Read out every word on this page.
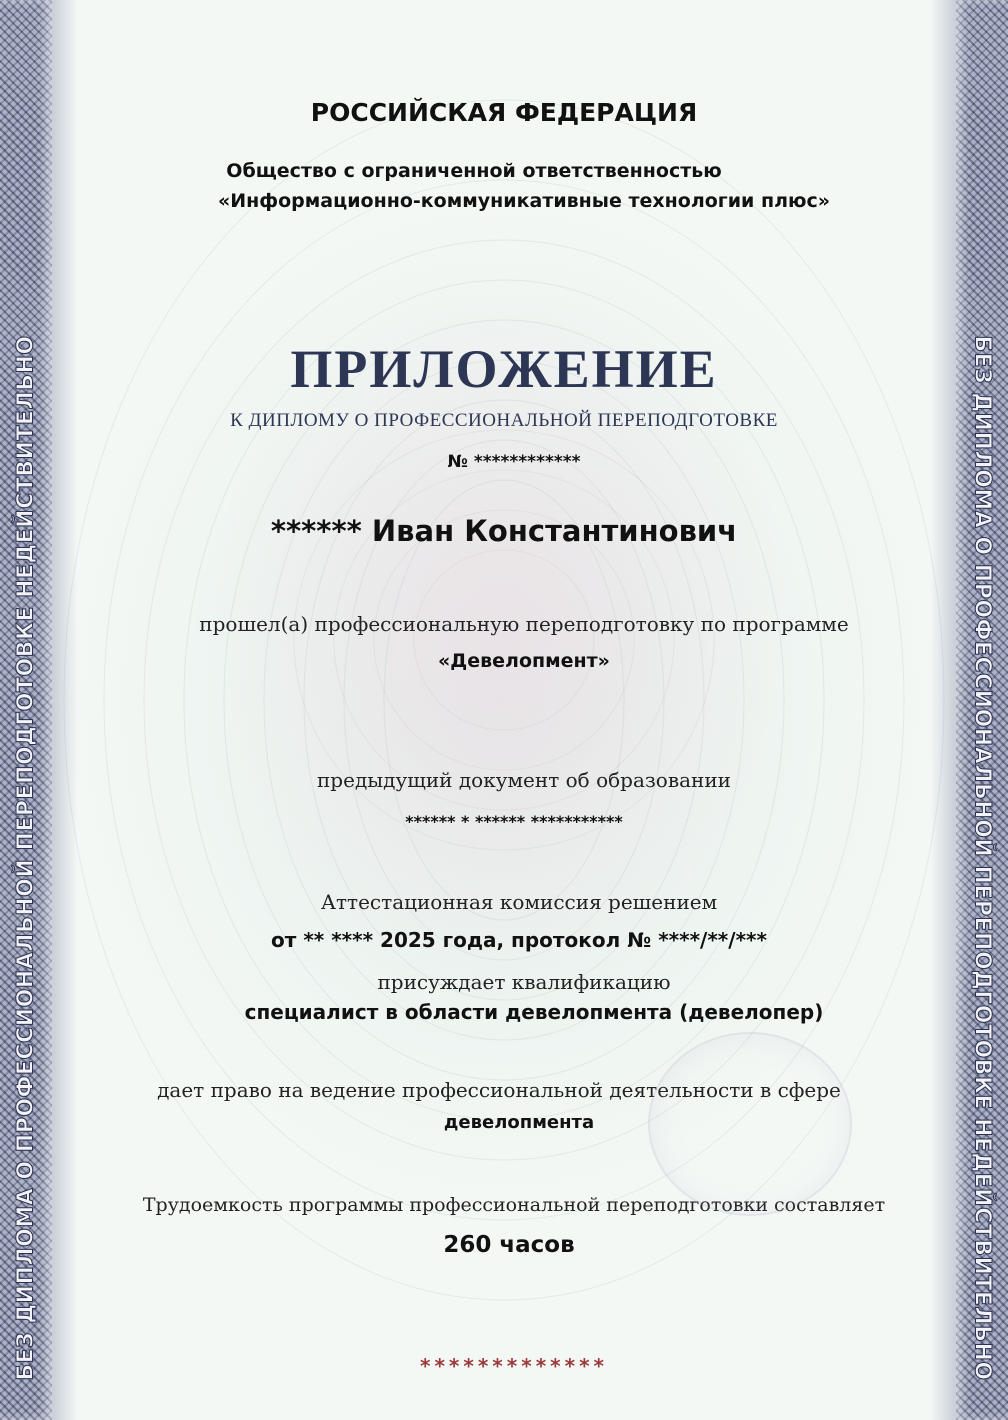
БЕЗ ДИПЛОМА О ПРОФЕССИОНАЛЬНОЙ ПЕРЕПОДГОТОВКЕ НЕДЕЙСТВИТЕЛЬНО	БЕЗ ДИПЛОМА О ПРОФЕССИОНАЛЬНОЙ ПЕРЕПОДГОТОВКЕ НЕДЕЙСТВИТЕЛЬНО
РОССИЙСКАЯ ФЕДЕРАЦИЯ
Общество с ограниченной ответственностью
«Информационно-коммуникативные технологии плюс»
ПРИЛОЖЕНИЕ
К ДИПЛОМУ О ПРОФЕССИОНАЛЬНОЙ ПЕРЕПОДГОТОВКЕ
№ ************
****** Иван Константинович
прошел(а) профессиональную переподготовку по программе
«Девелопмент»
предыдущий документ об образовании
****** * ****** ***********
Аттестационная комиссия решением
от ** **** 2025 года, протокол № ****/**/***
присуждает квалификацию
специалист в области девелопмента (девелопер)
дает право на ведение профессиональной деятельности в сфере
девелопмента
Трудоемкость программы профессиональной переподготовки составляет
260 часов
*************
